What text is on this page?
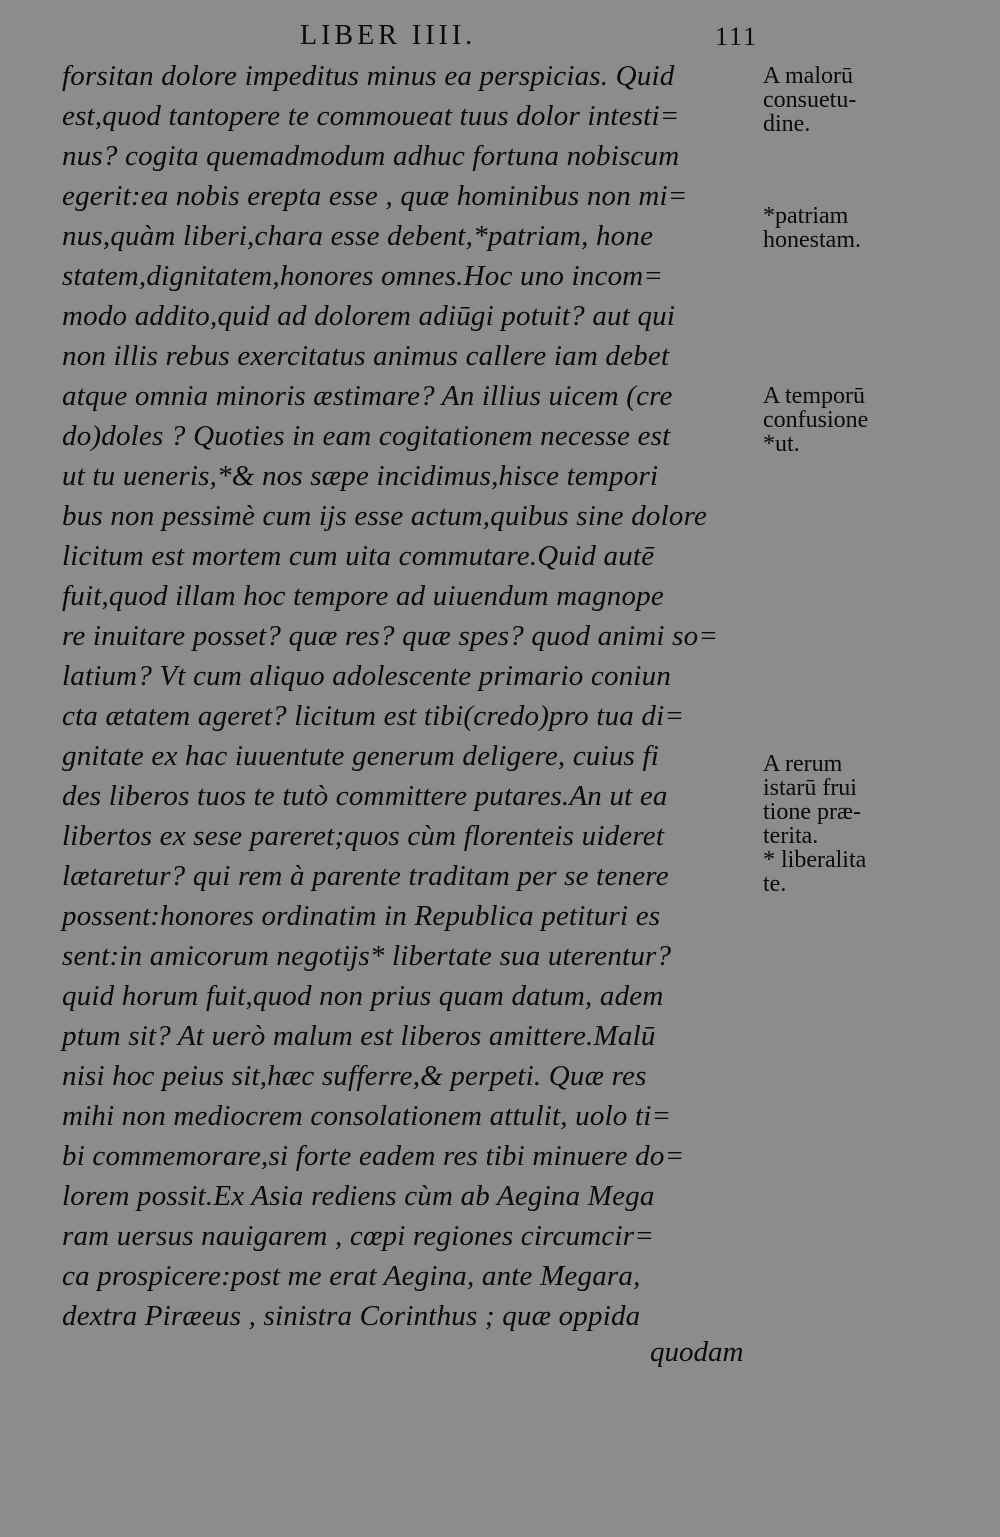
LIBER IIII.	111
forsitan dolore impeditus minus ea perspicias. Quid
est,quod tantopere te commoueat tuus dolor intesti=
nus? cogita quemadmodum adhuc fortuna nobiscum
egerit:ea nobis erepta esse , quæ hominibus non mi=
nus,quàm liberi,chara esse debent,*patriam, hone
statem,dignitatem,honores omnes.Hoc uno incom=
modo addito,quid ad dolorem adiūgi potuit? aut qui
non illis rebus exercitatus animus callere iam debet
atque omnia minoris æstimare? An illius uicem (cre
do)doles ? Quoties in eam cogitationem necesse est
ut tu ueneris,*& nos sæpe incidimus,hisce tempori
bus non pessimè cum ijs esse actum,quibus sine dolore
licitum est mortem cum uita commutare.Quid autē
fuit,quod illam hoc tempore ad uiuendum magnope
re inuitare posset? quæ res? quæ spes? quod animi so=
latium? Vt cum aliquo adolescente primario coniun
cta ætatem ageret? licitum est tibi(credo)pro tua di=
gnitate ex hac iuuentute generum deligere, cuius fi
des liberos tuos te tutò committere putares.An ut ea
libertos ex sese pareret;quos cùm florenteis uideret
lætaretur? qui rem à parente traditam per se tenere
possent:honores ordinatim in Republica petituri es
sent:in amicorum negotijs* libertate sua uterentur?
quid horum fuit,quod non prius quam datum, adem
ptum sit? At uerò malum est liberos amittere.Malū
nisi hoc peius sit,hæc sufferre,& perpeti. Quæ res
mihi non mediocrem consolationem attulit, uolo ti=
bi commemorare,si forte eadem res tibi minuere do=
lorem possit.Ex Asia rediens cùm ab Aegina Mega
ram uersus nauigarem , cœpi regiones circumcir=
ca prospicere:post me erat Aegina, ante Megara,
dextra Piræeus , sinistra Corinthus ; quæ oppida
quodam
A malorū
consuetu-
dine.
*patriam
honestam.
A temporū
confusione
*ut.
A rerum
istarū frui
tione præ-
terita.
* liberalita
te.
